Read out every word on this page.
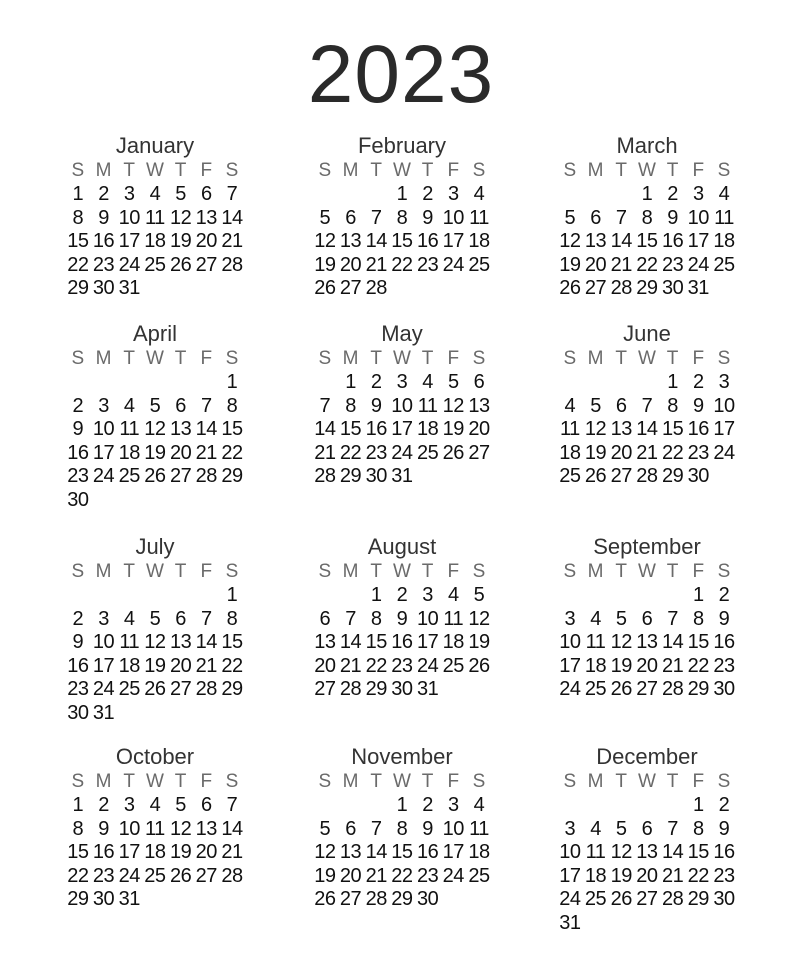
2023
January
S M T W T F S
1 2 3 4 5 6 7
8 9 10 11 12 13 14
15 16 17 18 19 20 21
22 23 24 25 26 27 28
29 30 31
February
S M T W T F S
1 2 3 4
5 6 7 8 9 10 11
12 13 14 15 16 17 18
19 20 21 22 23 24 25
26 27 28
March
S M T W T F S
1 2 3 4
5 6 7 8 9 10 11
12 13 14 15 16 17 18
19 20 21 22 23 24 25
26 27 28 29 30 31
April
S M T W T F S
1
2 3 4 5 6 7 8
9 10 11 12 13 14 15
16 17 18 19 20 21 22
23 24 25 26 27 28 29
30
May
S M T W T F S
1 2 3 4 5 6
7 8 9 10 11 12 13
14 15 16 17 18 19 20
21 22 23 24 25 26 27
28 29 30 31
June
S M T W T F S
1 2 3
4 5 6 7 8 9 10
11 12 13 14 15 16 17
18 19 20 21 22 23 24
25 26 27 28 29 30
July
S M T W T F S
1
2 3 4 5 6 7 8
9 10 11 12 13 14 15
16 17 18 19 20 21 22
23 24 25 26 27 28 29
30 31
August
S M T W T F S
1 2 3 4 5
6 7 8 9 10 11 12
13 14 15 16 17 18 19
20 21 22 23 24 25 26
27 28 29 30 31
September
S M T W T F S
1 2
3 4 5 6 7 8 9
10 11 12 13 14 15 16
17 18 19 20 21 22 23
24 25 26 27 28 29 30
October
S M T W T F S
1 2 3 4 5 6 7
8 9 10 11 12 13 14
15 16 17 18 19 20 21
22 23 24 25 26 27 28
29 30 31
November
S M T W T F S
1 2 3 4
5 6 7 8 9 10 11
12 13 14 15 16 17 18
19 20 21 22 23 24 25
26 27 28 29 30
December
S M T W T F S
1 2
3 4 5 6 7 8 9
10 11 12 13 14 15 16
17 18 19 20 21 22 23
24 25 26 27 28 29 30
31
